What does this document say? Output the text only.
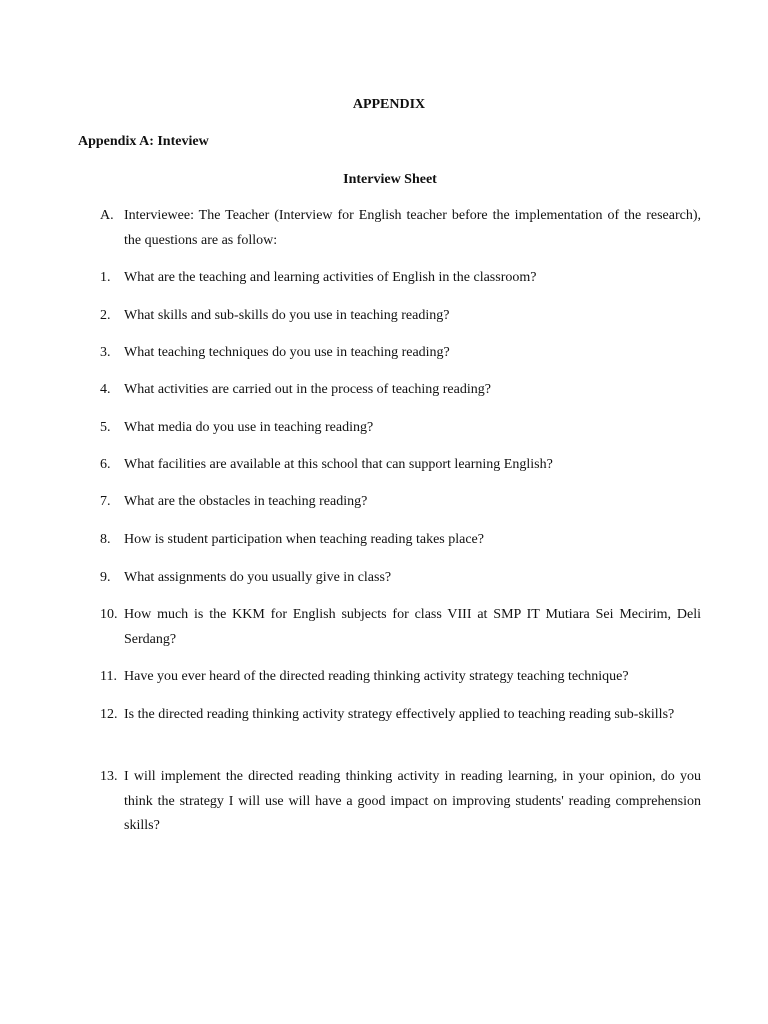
APPENDIX
Appendix A: Inteview
Interview Sheet
A. Interviewee: The Teacher (Interview for English teacher before the implementation of the research), the questions are as follow:
1. What are the teaching and learning activities of English in the classroom?
2. What skills and sub-skills do you use in teaching reading?
3. What teaching techniques do you use in teaching reading?
4. What activities are carried out in the process of teaching reading?
5. What media do you use in teaching reading?
6. What facilities are available at this school that can support learning English?
7. What are the obstacles in teaching reading?
8. How is student participation when teaching reading takes place?
9. What assignments do you usually give in class?
10. How much is the KKM for English subjects for class VIII at SMP IT Mutiara Sei Mecirim, Deli Serdang?
11. Have you ever heard of the directed reading thinking activity strategy teaching technique?
12. Is the directed reading thinking activity strategy effectively applied to teaching reading sub-skills?
13. I will implement the directed reading thinking activity in reading learning, in your opinion, do you think the strategy I will use will have a good impact on improving students' reading comprehension skills?
